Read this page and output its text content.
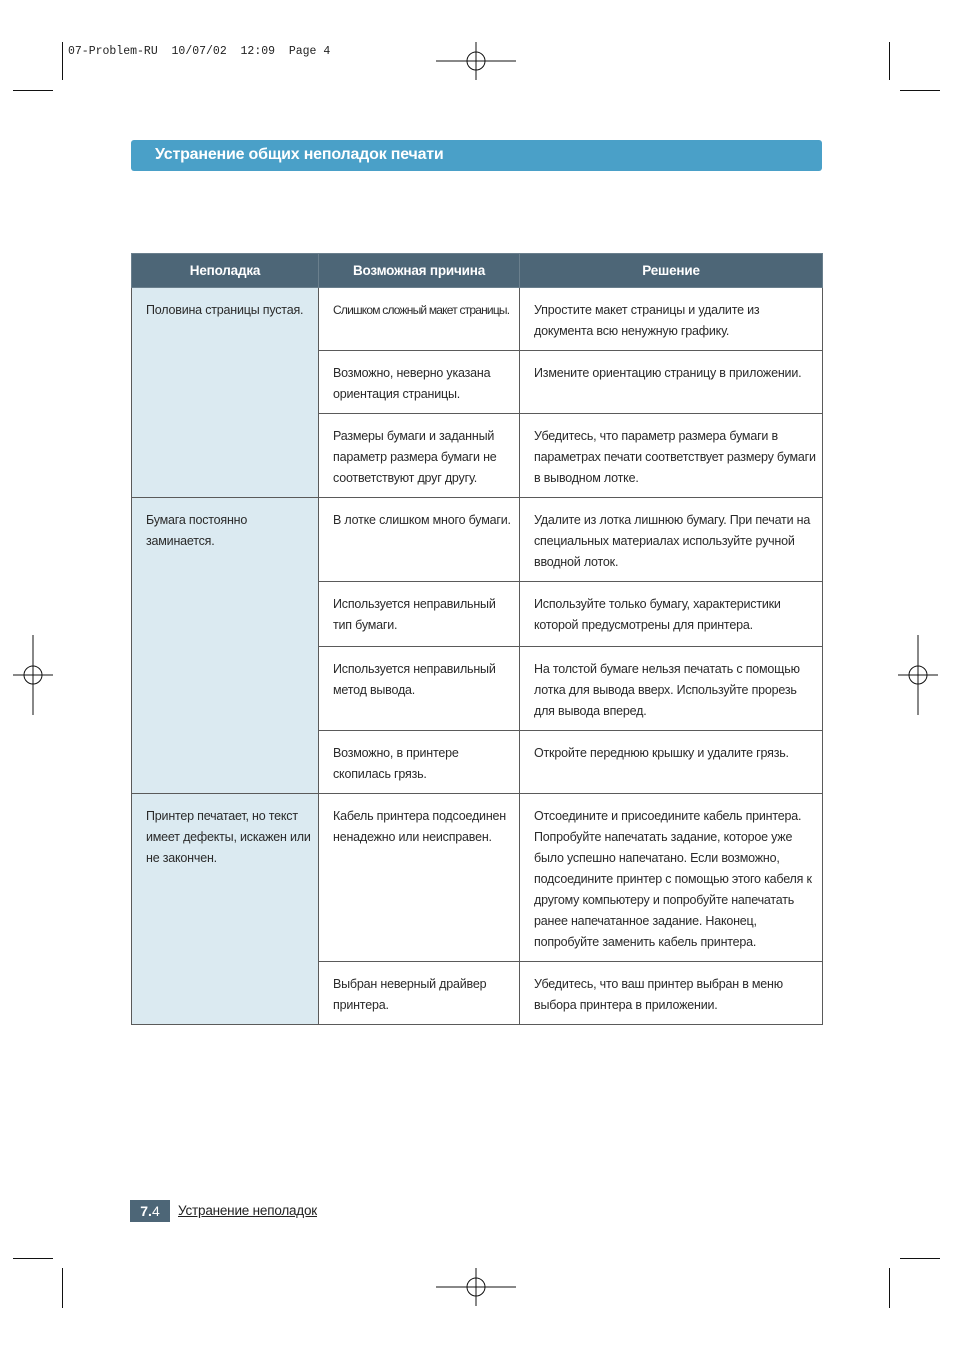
07-Problem-RU  10/07/02  12:09  Page 4
Устранение общих неполадок печати
Неполадка	Возможная причина	Решение
Половина страницы пустая.	Слишком сложный макет страницы.	Упростите макет страницы и удалите из документа всю ненужную графику.
	Возможно, неверно указана ориентация страницы.	Измените ориентацию страницу в приложении.
	Размеры бумаги и заданный параметр размера бумаги не соответствуют друг другу.	Убедитесь, что параметр размера бумаги в параметрах печати соответствует размеру бумаги в выводном лотке.
Бумага постоянно заминается.	В лотке слишком много бумаги.	Удалите из лотка лишнюю бумагу. При печати на специальных материалах используйте ручной вводной лоток.
	Используется неправильный тип бумаги.	Используйте только бумагу, характеристики которой предусмотрены для принтера.
	Используется неправильный метод вывода.	На толстой бумаге нельзя печатать с помощью лотка для вывода вверх. Используйте прорезь для вывода вперед.
	Возможно, в принтере скопилась грязь.	Откройте переднюю крышку и удалите грязь.
Принтер печатает, но текст имеет дефекты, искажен или не закончен.	Кабель принтера подсоединен ненадежно или неисправен.	Отсоедините и присоедините кабель принтера. Попробуйте напечатать задание, которое уже было успешно напечатано. Если возможно, подсоедините принтер с помощью этого кабеля к другому компьютеру и попробуйте напечатать ранее напечатанное задание. Наконец, попробуйте заменить кабель принтера.
	Выбран неверный драйвер принтера.	Убедитесь, что ваш принтер выбран в меню выбора принтера в приложении.
7. 4 Устранение неполадок
